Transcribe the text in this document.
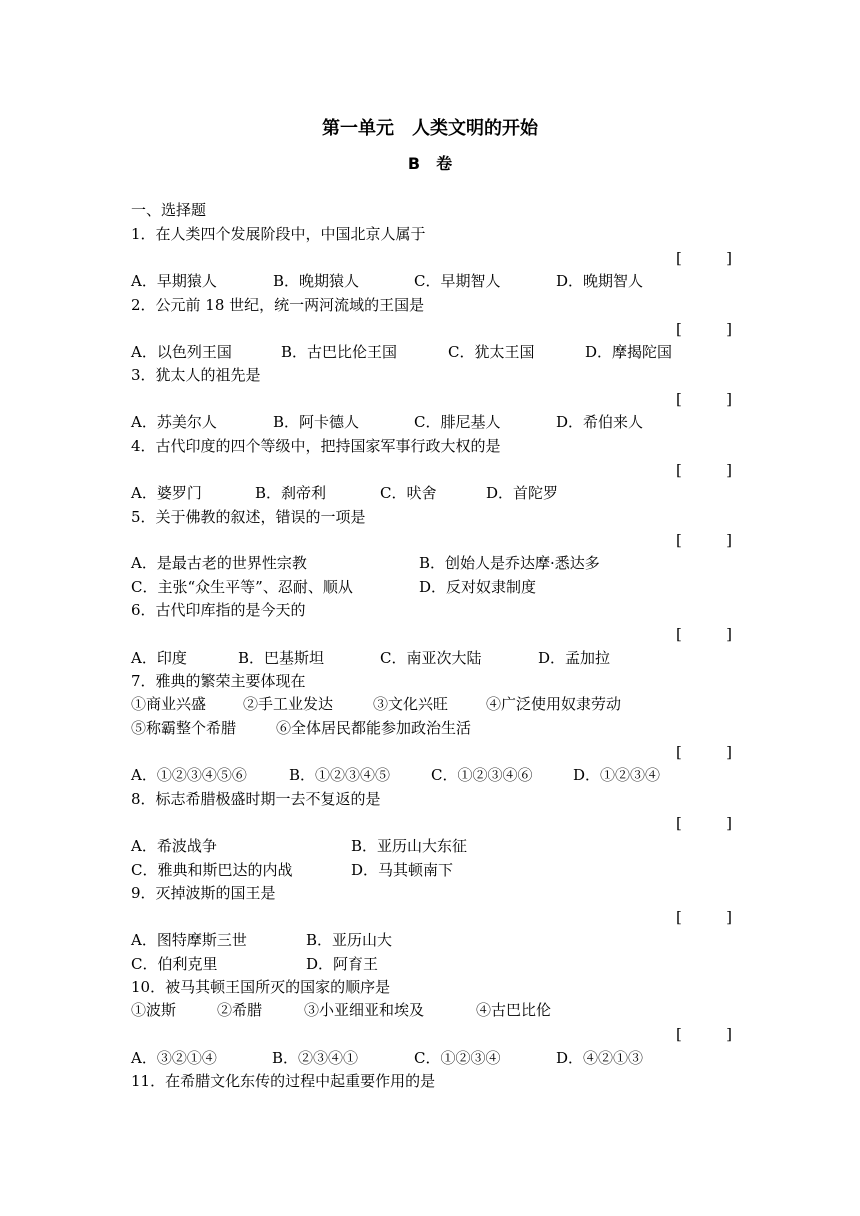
第一单元　人类文明的开始
B　卷
一、选择题
1．在人类四个发展阶段中，中国北京人属于
[	]
A．早期猿人	B．晚期猿人	C．早期智人	D．晚期智人
2．公元前 18 世纪，统一两河流域的王国是
[	]
A．以色列王国	B．古巴比伦王国	C．犹太王国	D．摩揭陀国
3．犹太人的祖先是
[	]
A．苏美尔人	B．阿卡德人	C．腓尼基人	D．希伯来人
4．古代印度的四个等级中，把持国家军事行政大权的是
[	]
A．婆罗门	B．刹帝利	C．吠舍	D．首陀罗
5．关于佛教的叙述，错误的一项是
[	]
A．是最古老的世界性宗教	B．创始人是乔达摩·悉达多
C．主张“众生平等”、忍耐、顺从	D．反对奴隶制度
6．古代印库指的是今天的
[	]
A．印度	B．巴基斯坦	C．南亚次大陆	D．孟加拉
7．雅典的繁荣主要体现在
①商业兴盛 ②手工业发达	③文化兴旺	④广泛使用奴隶劳动
⑤称霸整个希腊	⑥全体居民都能参加政治生活
[	]
A．①②③④⑤⑥	B．①②③④⑤	C．①②③④⑥	D．①②③④
8．标志希腊极盛时期一去不复返的是
[	]
A．希波战争	B．亚历山大东征
C．雅典和斯巴达的内战	D．马其顿南下
9．灭掉波斯的国王是
[	]
A．图特摩斯三世	B．亚历山大
C．伯利克里	D．阿育王
10．被马其顿王国所灭的国家的顺序是
①波斯	②希腊	③小亚细亚和埃及	④古巴比伦
[	]
A．③②①④	B．②③④①	C．①②③④	D．④②①③
11．在希腊文化东传的过程中起重要作用的是
